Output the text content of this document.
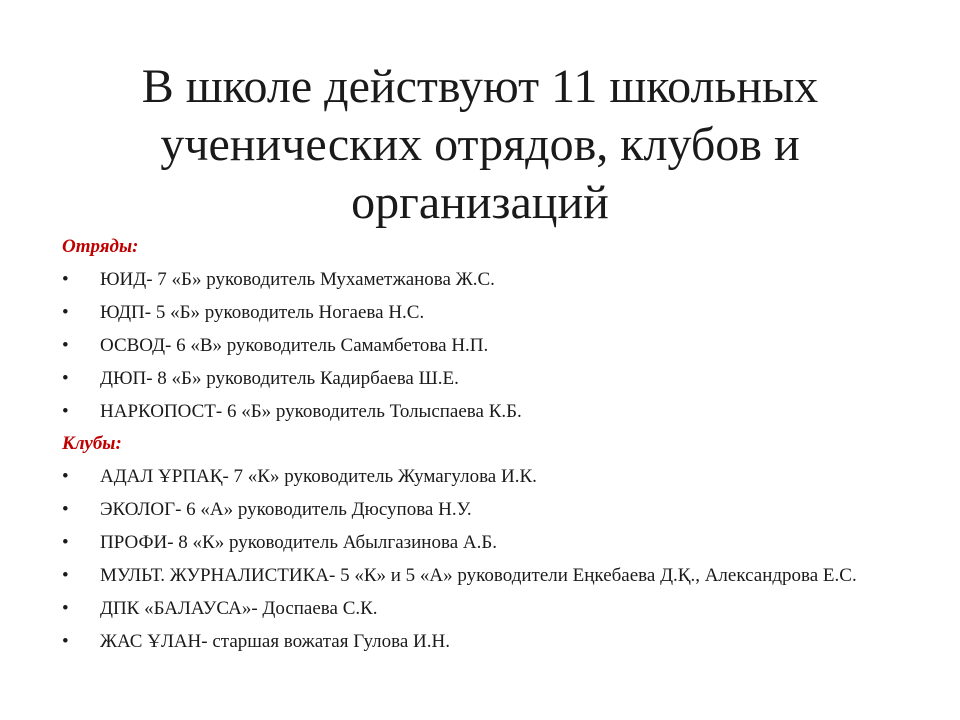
В школе действуют 11 школьных ученических отрядов, клубов и организаций
Отряды:
•	ЮИД- 7 «Б» руководитель Мухаметжанова Ж.С.
•	ЮДП- 5 «Б» руководитель Ногаева Н.С.
•	ОСВОД- 6 «В» руководитель Самамбетова Н.П.
•	ДЮП- 8 «Б» руководитель Кадирбаева Ш.Е.
•	НАРКОПОСТ- 6 «Б» руководитель Толыспаева К.Б.
Клубы:
•	АДАЛ ҰРПАҚ- 7 «К» руководитель Жумагулова И.К.
•	ЭКОЛОГ- 6 «А» руководитель Дюсупова Н.У.
•	ПРОФИ- 8 «К» руководитель Абылгазинова А.Б.
•	МУЛЬТ. ЖУРНАЛИСТИКА- 5 «К» и 5 «А» руководители Еңкебаева Д.Қ., Александрова Е.С.
•	ДПК «БАЛАУСА»- Доспаева С.К.
•	ЖАС ҰЛАН- старшая вожатая Гулова И.Н.
